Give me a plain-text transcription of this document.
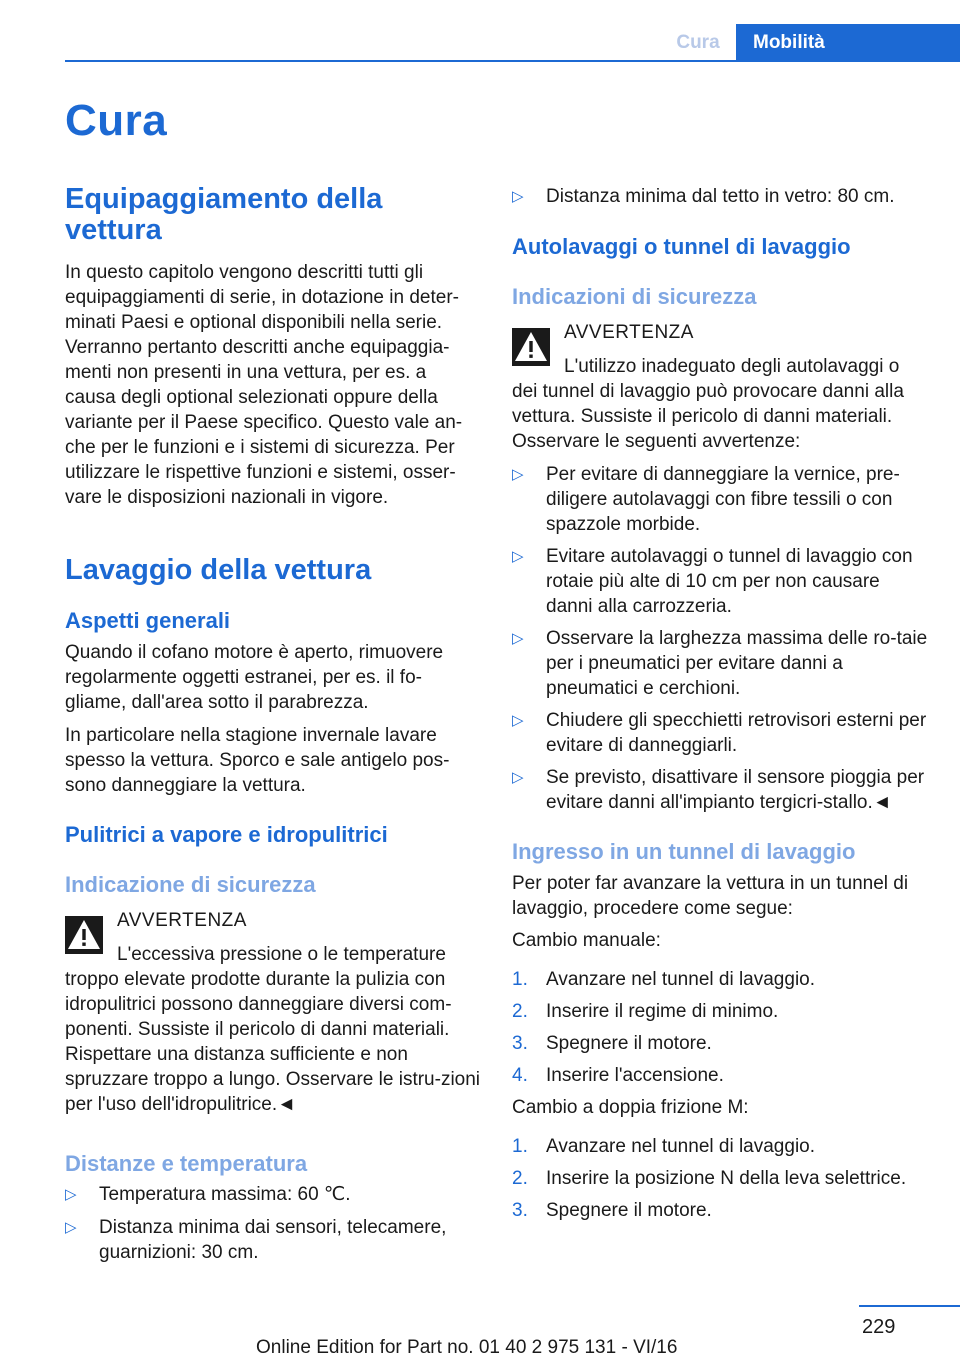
Cura	Mobilità
Cura
Equipaggiamento della vettura

In questo capitolo vengono descritti tutti gli equipaggiamenti di serie, in dotazione in deter-minati Paesi e optional disponibili nella serie. Verranno pertanto descritti anche equipaggia-menti non presenti in una vettura, per es. a causa degli optional selezionati oppure della variante per il Paese specifico. Questo vale an-che per le funzioni e i sistemi di sicurezza. Per utilizzare le rispettive funzioni e sistemi, osser-vare le disposizioni nazionali in vigore.

Lavaggio della vettura
Aspetti generali

Quando il cofano motore è aperto, rimuovere regolarmente oggetti estranei, per es. il fo-gliame, dall'area sotto il parabrezza.

In particolare nella stagione invernale lavare spesso la vettura. Sporco e sale antigelo pos-sono danneggiare la vettura.

Pulitrici a vapore e idropulitrici
Indicazione di sicurezza
AVVERTENZA
L'eccessiva pressione o le temperature
troppo elevate prodotte durante la pulizia con idropulitrici possono danneggiare diversi com-ponenti. Sussiste il pericolo di danni materiali. Rispettare una distanza sufficiente e non spruzzare troppo a lungo. Osservare le istru-zioni per l'uso dell'idropulitrice.◄
Distanze e temperatura
▷ Temperatura massima: 60 ℃.
▷ Distanza minima dai sensori, telecamere, guarnizioni: 30 cm.
▷ Distanza minima dal tetto in vetro: 80 cm.
Autolavaggi o tunnel di lavaggio
Indicazioni di sicurezza
AVVERTENZA
L'utilizzo inadeguato degli autolavaggi o
dei tunnel di lavaggio può provocare danni alla vettura. Sussiste il pericolo di danni materiali. Osservare le seguenti avvertenze:
▷ Per evitare di danneggiare la vernice, pre-diligere autolavaggi con fibre tessili o con spazzole morbide.
▷ Evitare autolavaggi o tunnel di lavaggio con rotaie più alte di 10 cm per non causare danni alla carrozzeria.
▷ Osservare la larghezza massima delle ro-taie per i pneumatici per evitare danni a pneumatici e cerchioni.
▷ Chiudere gli specchietti retrovisori esterni per evitare di danneggiarli.
▷ Se previsto, disattivare il sensore pioggia per evitare danni all'impianto tergicri-stallo.◄
Ingresso in un tunnel di lavaggio

Per poter far avanzare la vettura in un tunnel di lavaggio, procedere come segue:

Cambio manuale:

1. Avanzare nel tunnel di lavaggio.
2. Inserire il regime di minimo.
3. Spegnere il motore.
4. Inserire l'accensione.

Cambio a doppia frizione M:

1. Avanzare nel tunnel di lavaggio.
2. Inserire la posizione N della leva selettrice.
3. Spegnere il motore.
229
Online Edition for Part no. 01 40 2 975 131 - VI/16
